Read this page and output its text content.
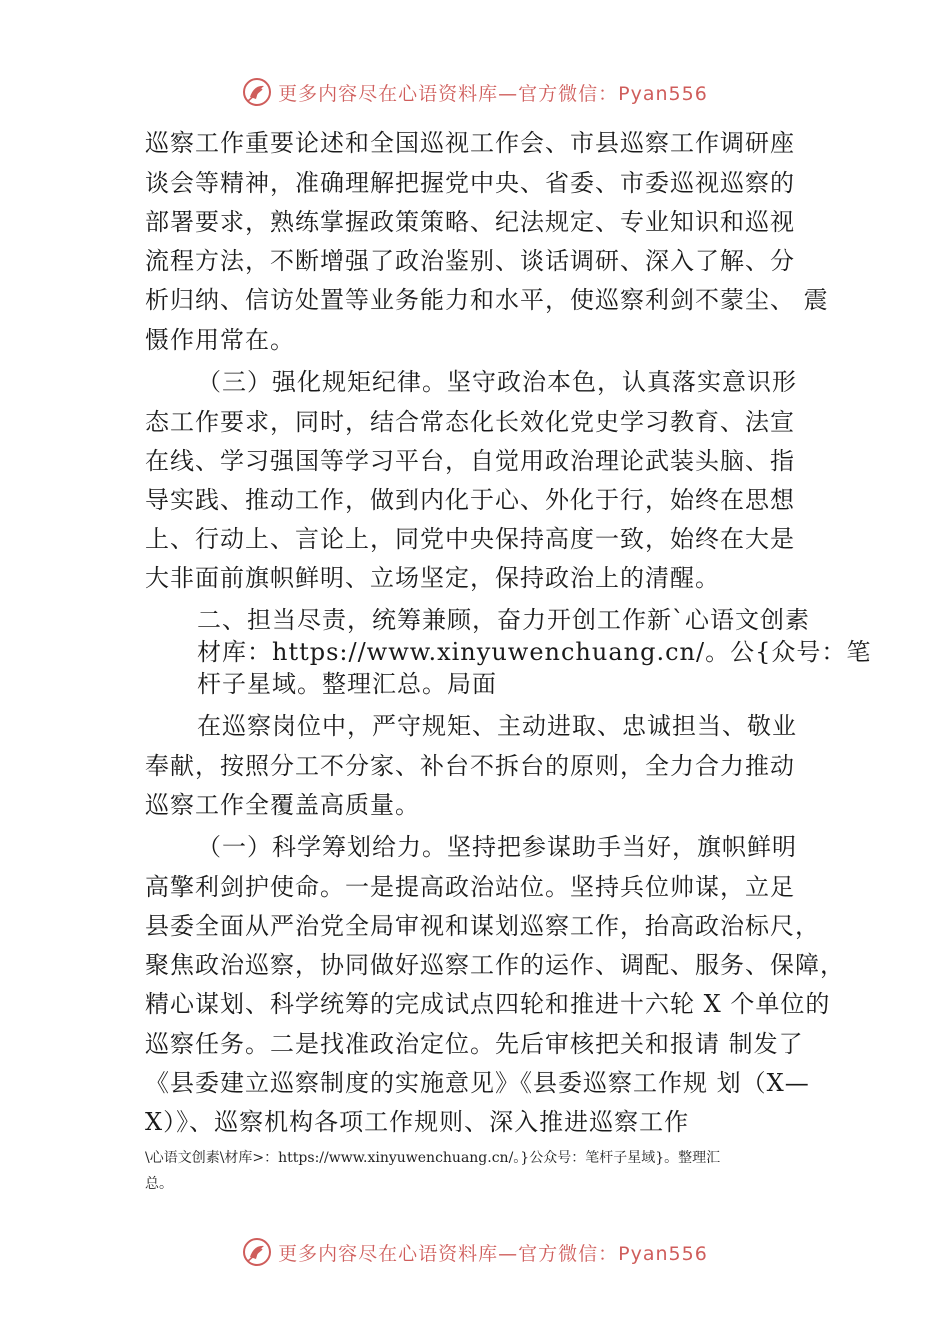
更多内容尽在心语资料库—官方微信：Pyan556
巡察工作重要论述和全国巡视工作会、市县巡察工作调研座
谈会等精神，准确理解把握党中央、省委、市委巡视巡察的
部署要求，熟练掌握政策策略、纪法规定、专业知识和巡视
流程方法，不断增强了政治鉴别、谈话调研、深入了解、分
析归纳、信访处置等业务能力和水平，使巡察利剑不蒙尘、 震
慑作用常在。
（三）强化规矩纪律。坚守政治本色，认真落实意识形
态工作要求，同时，结合常态化长效化党史学习教育、法宣
在线、学习强国等学习平台，自觉用政治理论武装头脑、指
导实践、推动工作，做到内化于心、外化于行，始终在思想
上、行动上、言论上，同党中央保持高度一致，始终在大是
大非面前旗帜鲜明、立场坚定，保持政治上的清醒。
二、担当尽责，统筹兼顾，奋力开创工作新`心语文创素
材库：https://www.xinyuwenchuang.cn/。公{众号：笔
杆子星域。整理汇总。局面
在巡察岗位中，严守规矩、主动进取、忠诚担当、敬业
奉献，按照分工不分家、补台不拆台的原则，全力合力推动
巡察工作全覆盖高质量。
（一）科学筹划给力。坚持把参谋助手当好，旗帜鲜明
高擎利剑护使命。一是提高政治站位。坚持兵位帅谋，立足
县委全面从严治党全局审视和谋划巡察工作，抬高政治标尺，
聚焦政治巡察，协同做好巡察工作的运作、调配、服务、保障，
精心谋划、科学统筹的完成试点四轮和推进十六轮 X 个单位的
巡察任务。二是找准政治定位。先后审核把关和报请 制发了
《县委建立巡察制度的实施意见》《县委巡察工作规 划（X—
X）》、巡察机构各项工作规则、深入推进巡察工作
\心语文创素\材库>：https://www.xinyuwenchuang.cn/。}公众号：笔杆子星域}。整理汇
总。
更多内容尽在心语资料库—官方微信：Pyan556
